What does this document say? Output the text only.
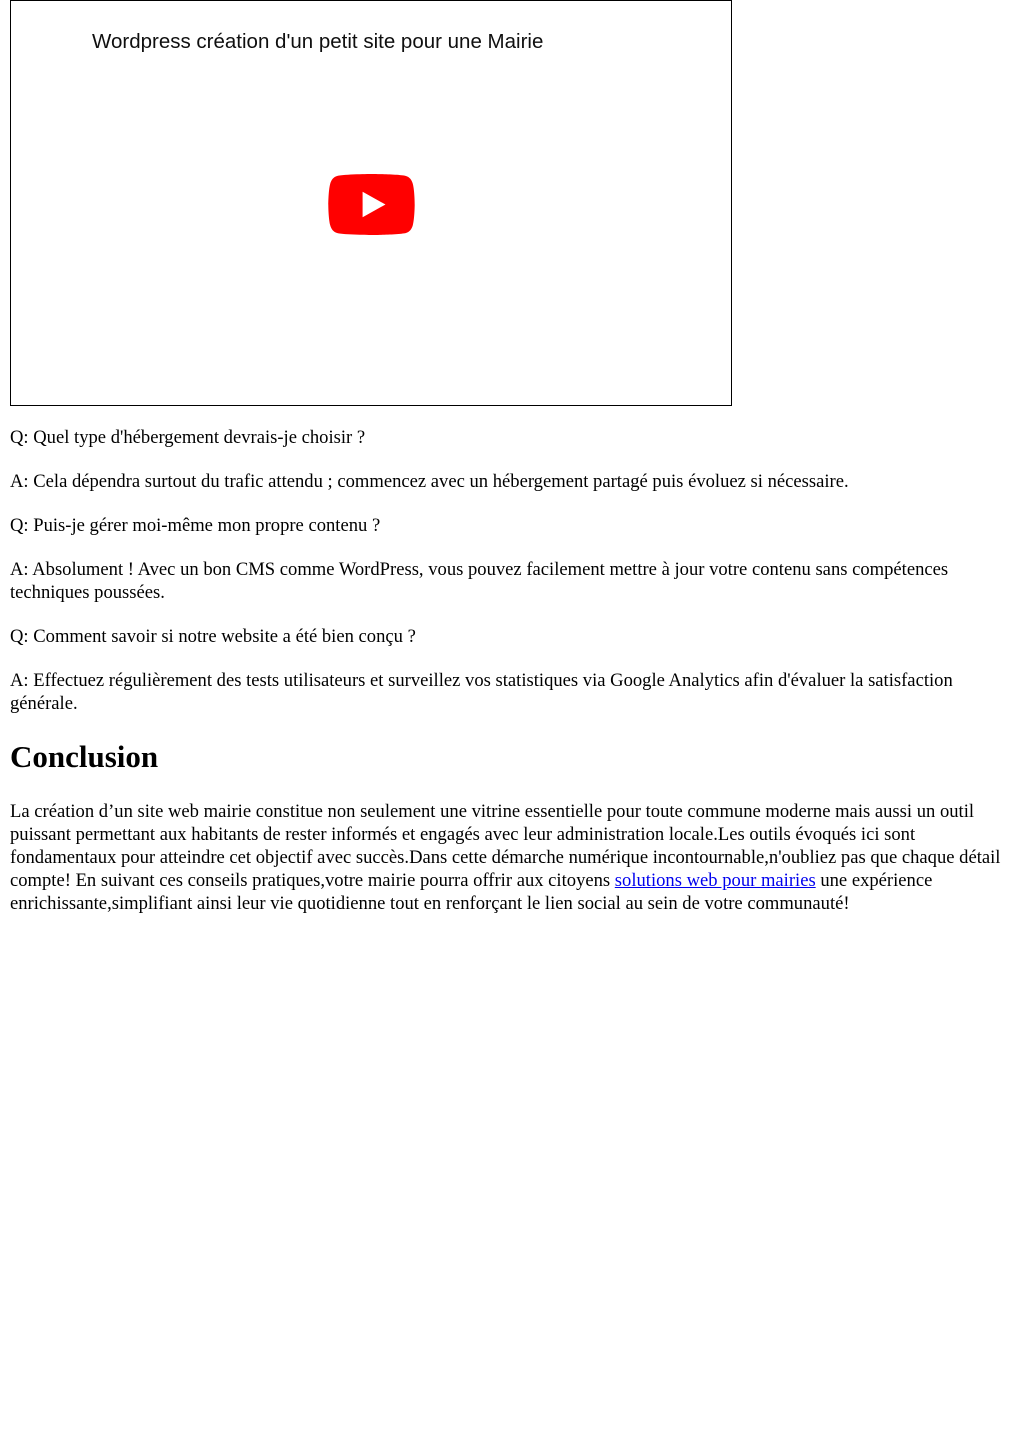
Wordpress création d'un petit site pour une Mairie

Q: Quel type d'hébergement devrais-je choisir ?

A: Cela dépendra surtout du trafic attendu ; commencez avec un hébergement partagé puis évoluez si nécessaire.

Q: Puis-je gérer moi-même mon propre contenu ?

A: Absolument ! Avec un bon CMS comme WordPress, vous pouvez facilement mettre à jour votre contenu sans compétences techniques poussées.

Q: Comment savoir si notre website a été bien conçu ?

A: Effectuez régulièrement des tests utilisateurs et surveillez vos statistiques via Google Analytics afin d'évaluer la satisfaction générale.

Conclusion

La création d’un site web mairie constitue non seulement une vitrine essentielle pour toute commune moderne mais aussi un outil puissant permettant aux habitants de rester informés et engagés avec leur administration locale.Les outils évoqués ici sont fondamentaux pour atteindre cet objectif avec succès.Dans cette démarche numérique incontournable,n'oubliez pas que chaque détail compte! En suivant ces conseils pratiques,votre mairie pourra offrir aux citoyens solutions web pour mairies une expérience enrichissante,simplifiant ainsi leur vie quotidienne tout en renforçant le lien social au sein de votre communauté!
